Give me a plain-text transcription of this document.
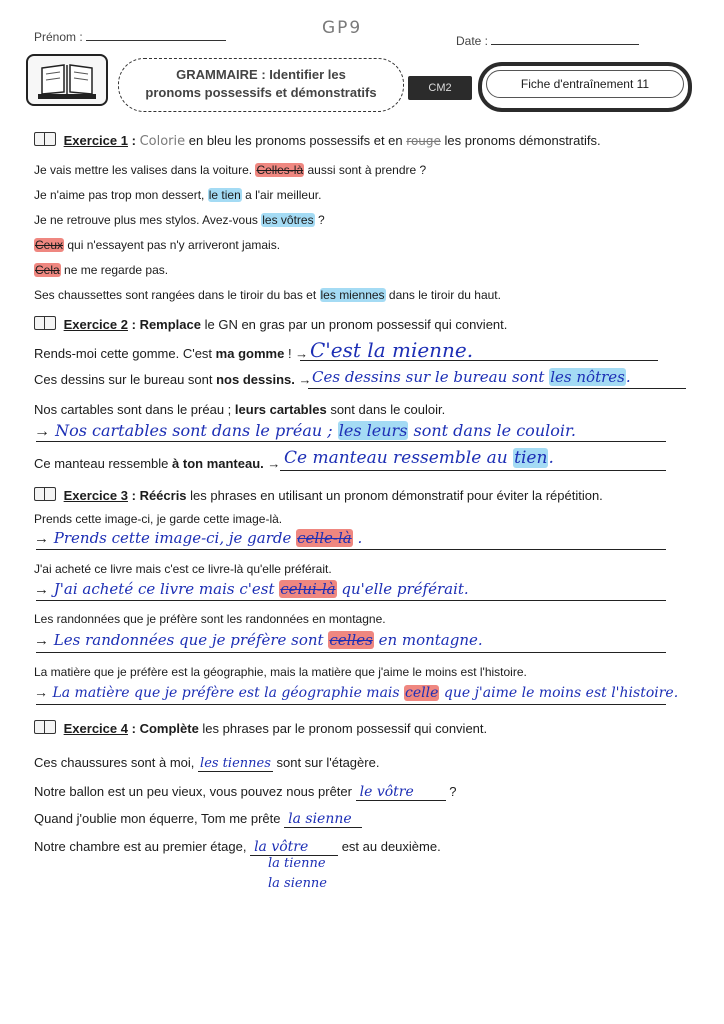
Prénom :	GP9
Date :
GRAMMAIRE : Identifier les
pronoms possessifs et démonstratifs	CM2	Fiche d'entraînement 11
Exercice 1 : Colorie en bleu les pronoms possessifs et en rouge les pronoms démonstratifs.
Je vais mettre les valises dans la voiture. Celles-là aussi sont à prendre ?
Je n'aime pas trop mon dessert, le tien a l'air meilleur.
Je ne retrouve plus mes stylos. Avez-vous les vôtres ?
Ceux qui n'essayent pas n'y arriveront jamais.
Cela ne me regarde pas.
Ses chaussettes sont rangées dans le tiroir du bas et les miennes dans le tiroir du haut.
Exercice 2 : Remplace le GN en gras par un pronom possessif qui convient.
Rends-moi cette gomme. C'est ma gomme ! → C'est la mienne.
Ces dessins sur le bureau sont nos dessins. → Ces dessins sur le bureau sont les nôtres.
Nos cartables sont dans le préau ; leurs cartables sont dans le couloir.
→ Nos cartables sont dans le préau ; les leurs sont dans le couloir.
Ce manteau ressemble à ton manteau. → Ce manteau ressemble au tien.
Exercice 3 : Réécris les phrases en utilisant un pronom démonstratif pour éviter la répétition.
Prends cette image-ci, je garde cette image-là.
→ Prends cette image-ci, je garde celle-là .
J'ai acheté ce livre mais c'est ce livre-là qu'elle préférait.
→ J'ai acheté ce livre mais c'est celui-là qu'elle préférait.
Les randonnées que je préfère sont les randonnées en montagne.
→ Les randonnées que je préfère sont celles en montagne.
La matière que je préfère est la géographie, mais la matière que j'aime le moins est l'histoire.
→ La matière que je préfère est la géographie mais celle que j'aime le moins est l'histoire.
Exercice 4 : Complète les phrases par le pronom possessif qui convient.
Ces chaussures sont à moi, les tiennes sont sur l'étagère.
Notre ballon est un peu vieux, vous pouvez nous prêter le vôtre	?
Quand j'oublie mon équerre, Tom me prête la sienne
Notre chambre est au premier étage, la vôtre	est au deuxième.
la tienne
la sienne
